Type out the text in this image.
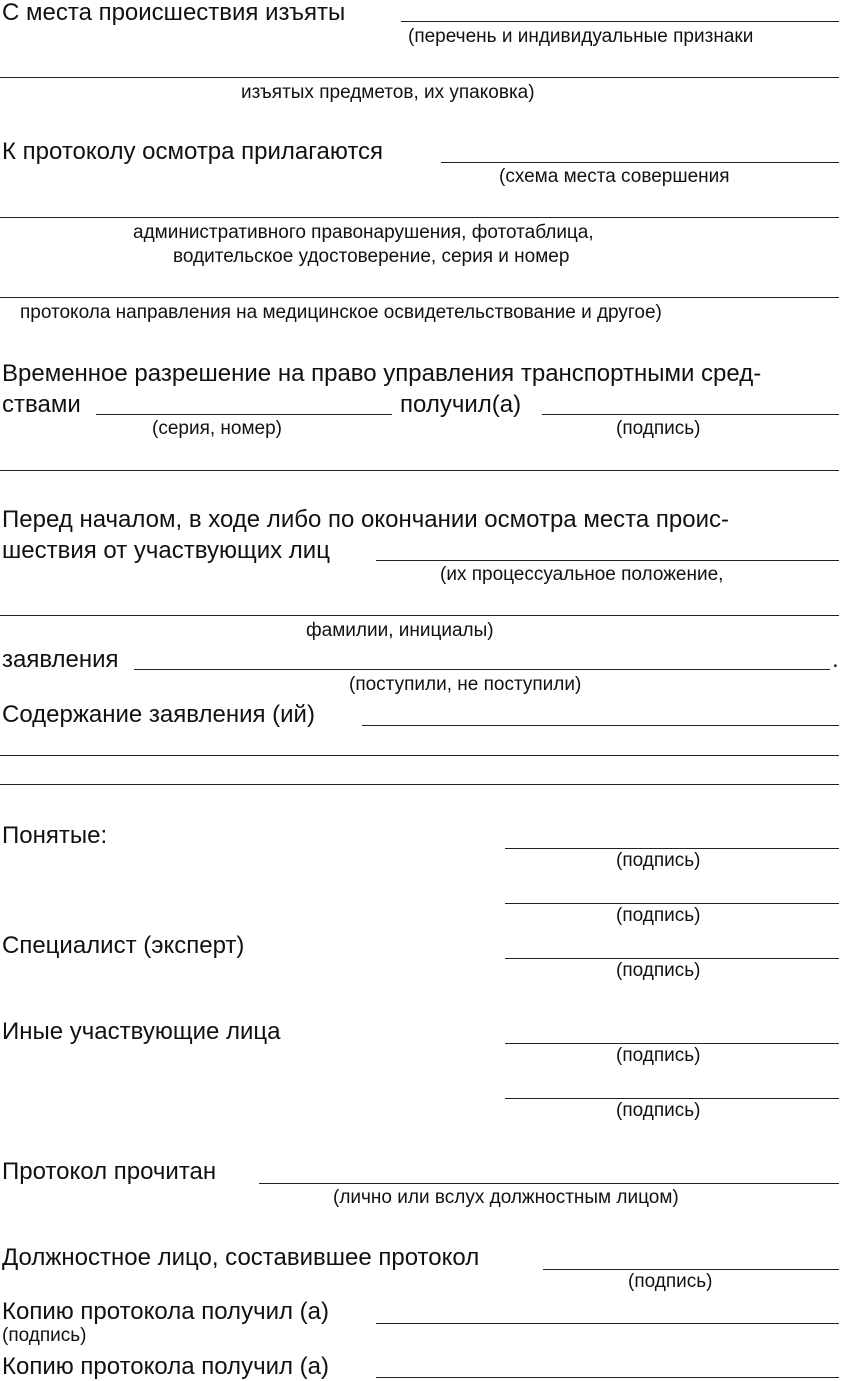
С места происшествия изъяты
(перечень и индивидуальные признаки
изъятых предметов, их упаковка)
К протоколу осмотра прилагаются
(схема места совершения
административного правонарушения, фототаблица,
водительское удостоверение, серия и номер
протокола направления на медицинское освидетельствование и другое)
Временное разрешение на право управления транспортными сред-
ствами	получил(а)
(серия, номер)	(подпись)
Перед началом, в ходе либо по окончании осмотра места проис-
шествия от участвующих лиц
(их процессуальное положение,
фамилии, инициалы)
заявления	.
(поступили, не поступили)
Содержание заявления (ий)
Понятые:
(подпись)
(подпись)
Специалист (эксперт)
(подпись)
Иные участвующие лица
(подпись)
(подпись)
Протокол прочитан
(лично или вслух должностным лицом)
Должностное лицо, составившее протокол
(подпись)
Копию протокола получил (а)
(подпись)
Копию протокола получил (а)
